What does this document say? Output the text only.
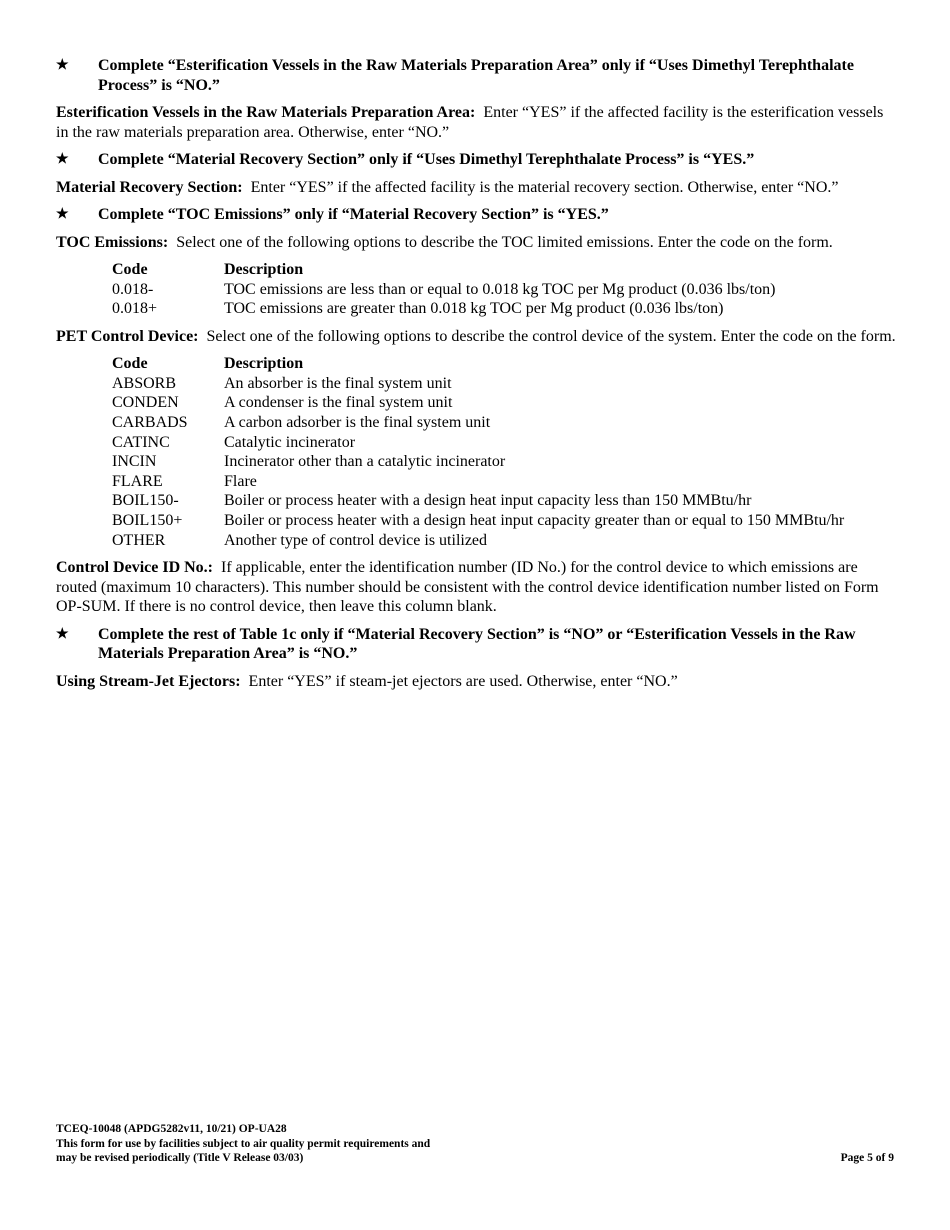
★ Complete “Esterification Vessels in the Raw Materials Preparation Area” only if “Uses Dimethyl Terephthalate Process” is “NO.”

Esterification Vessels in the Raw Materials Preparation Area: Enter “YES” if the affected facility is the esterification vessels in the raw materials preparation area. Otherwise, enter “NO.”

★ Complete “Material Recovery Section” only if “Uses Dimethyl Terephthalate Process” is “YES.”

Material Recovery Section: Enter “YES” if the affected facility is the material recovery section. Otherwise, enter “NO.”

★ Complete “TOC Emissions” only if “Material Recovery Section” is “YES.”

TOC Emissions: Select one of the following options to describe the TOC limited emissions. Enter the code on the form.

Code	Description
0.018-	TOC emissions are less than or equal to 0.018 kg TOC per Mg product (0.036 lbs/ton)
0.018+	TOC emissions are greater than 0.018 kg TOC per Mg product (0.036 lbs/ton)

PET Control Device: Select one of the following options to describe the control device of the system. Enter the code on the form.

Code	Description
ABSORB	An absorber is the final system unit
CONDEN	A condenser is the final system unit
CARBADS	A carbon adsorber is the final system unit
CATINC	Catalytic incinerator
INCIN	Incinerator other than a catalytic incinerator
FLARE	Flare
BOIL150-	Boiler or process heater with a design heat input capacity less than 150 MMBtu/hr
BOIL150+	Boiler or process heater with a design heat input capacity greater than or equal to 150 MMBtu/hr
OTHER	Another type of control device is utilized

Control Device ID No.: If applicable, enter the identification number (ID No.) for the control device to which emissions are routed (maximum 10 characters). This number should be consistent with the control device identification number listed on Form OP-SUM. If there is no control device, then leave this column blank.

★ Complete the rest of Table 1c only if “Material Recovery Section” is “NO” or “Esterification Vessels in the Raw Materials Preparation Area” is “NO.”

Using Stream-Jet Ejectors: Enter “YES” if steam-jet ejectors are used. Otherwise, enter “NO.”

TCEQ-10048 (APDG5282v11, 10/21) OP-UA28
This form for use by facilities subject to air quality permit requirements and
may be revised periodically (Title V Release 03/03)	Page 5 of 9
